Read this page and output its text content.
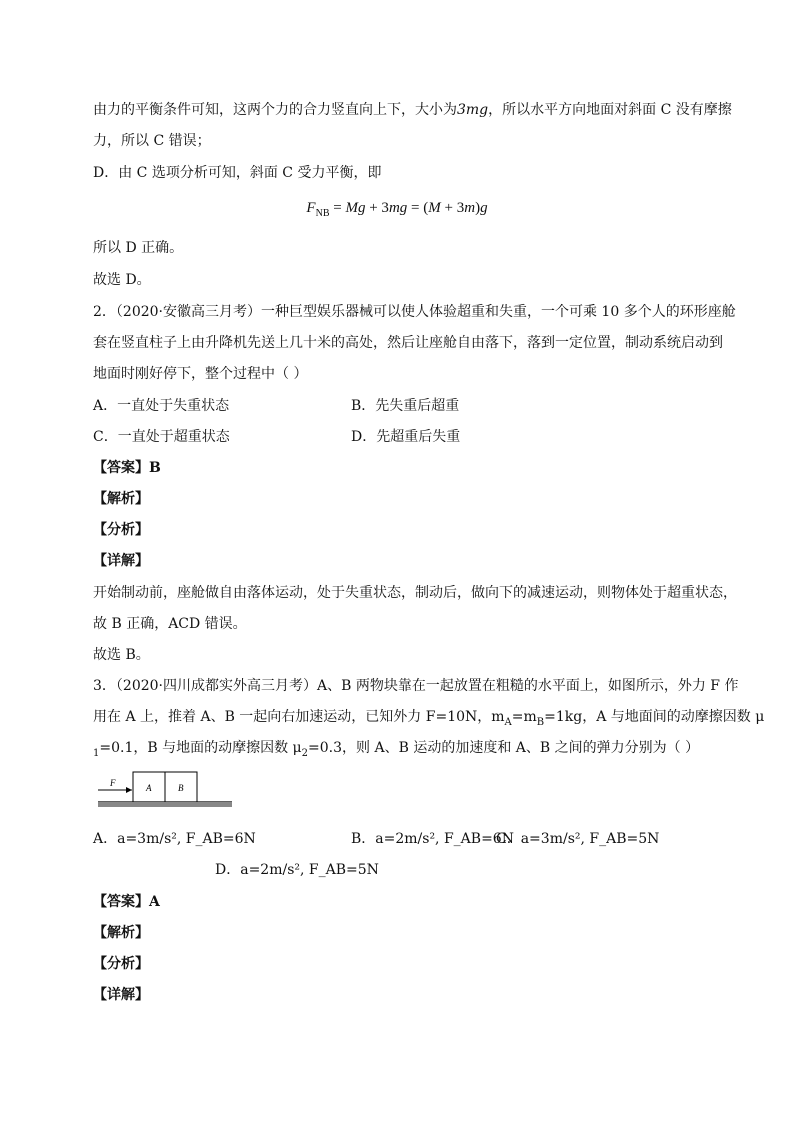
由力的平衡条件可知，这两个力的合力竖直向上下，大小为3mg，所以水平方向地面对斜面 C 没有摩擦
力，所以 C 错误；
D．由 C 选项分析可知，斜面 C 受力平衡，即
$F_{NB} = Mg + 3mg = (M + 3m)g$
所以 D 正确。
故选 D。
2．（2020·安徽高三月考）一种巨型娱乐器械可以使人体验超重和失重，一个可乘 10 多个人的环形座舱
套在竖直柱子上由升降机先送上几十米的高处，然后让座舱自由落下，落到一定位置，制动系统启动到
地面时刚好停下，整个过程中（ ）
A．一直处于失重状态	B．先失重后超重
C．一直处于超重状态	D．先超重后失重
【答案】B
【解析】
【分析】
【详解】
开始制动前，座舱做自由落体运动，处于失重状态，制动后，做向下的减速运动，则物体处于超重状态，
故 B 正确，ACD 错误。
故选 B。
3．（2020·四川成都实外高三月考）A、B 两物块靠在一起放置在粗糙的水平面上，如图所示，外力 F 作
用在 A 上，推着 A、B 一起向右加速运动，已知外力 F=10N，$m_A=m_B=1kg$，A 与地面间的动摩擦因数 μ
$_1$=0.1，B 与地面的动摩擦因数 $\mu_2=0.3$，则 A、B 运动的加速度和 A、B 之间的弹力分别为（ ）
F	A	B
A．a=3m/s², F_AB=6N	B．a=2m/s², F_AB=6N
C．a=3m/s², F_AB=5N
D．a=2m/s², F_AB=5N
【答案】A
【解析】
【分析】
【详解】
